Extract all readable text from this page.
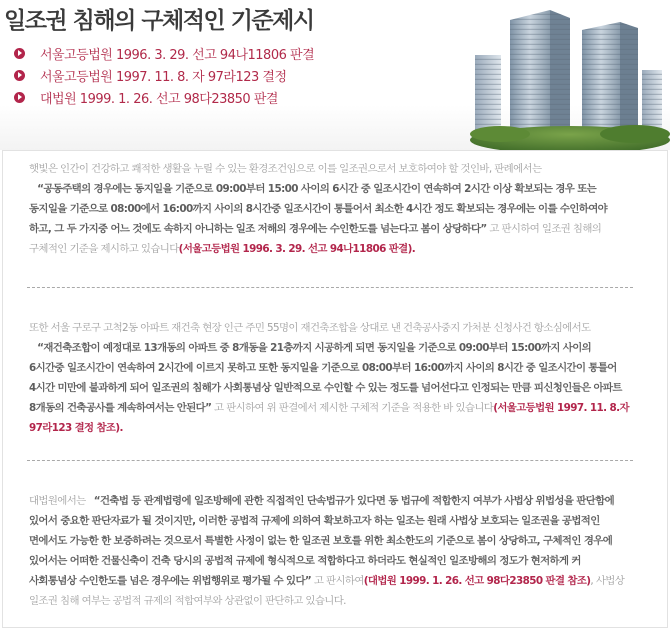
일조권 침해의 구체적인 기준제시
서울고등법원 1996. 3. 29. 선고 94나11806 판결
서울고등법원 1997. 11. 8. 자 97라123 결정
대법원 1999. 1. 26. 선고 98다23850 판결

햇빛은 인간이 건강하고 쾌적한 생활을 누릴 수 있는 환경조건임으로 이를 일조권으로서 보호하여야 할 것인바, 판례에서는
“공동주택의 경우에는 동지일을 기준으로 09:00부터 15:00 사이의 6시간 중 일조시간이 연속하여 2시간 이상 확보되는 경우 또는 동지일을 기준으로 08:00에서 16:00까지 사이의 8시간중 일조시간이 통틀어서 최소한 4시간 정도 확보되는 경우에는 이를 수인하여야 하고, 그 두 가지중 어느 것에도 속하지 아니하는 일조 저해의 경우에는 수인한도를 넘는다고 봄이 상당하다” 고 판시하여 일조권 침해의 구체적인 기준을 제시하고 있습니다(서울고등법원 1996. 3. 29. 선고 94나11806 판결).

또한 서울 구로구 고척2동 아파트 재건축 현장 인근 주민 55명이 재건축조합을 상대로 낸 건축공사중지 가처분 신청사건 항소심에서도
“재건축조합이 예정대로 13개동의 아파트 중 8개동을 21층까지 시공하게 되면 동지일을 기준으로 09:00부터 15:00까지 사이의 6시간중 일조시간이 연속하여 2시간에 이르지 못하고 또한 동지일을 기준으로 08:00부터 16:00까지 사이의 8시간 중 일조시간이 통틀어 4시간 미만에 불과하게 되어 일조권의 침해가 사회통념상 일반적으로 수인할 수 있는 정도를 넘어선다고 인정되는 만큼 피신청인들은 아파트 8개동의 건축공사를 계속하여서는 안된다” 고 판시하여 위 판결에서 제시한 구체적 기준을 적용한 바 있습니다(서울고등법원 1997. 11. 8.자 97라123 결정 참조).

대법원에서는 “건축법 등 관계법령에 일조방해에 관한 직접적인 단속법규가 있다면 동 법규에 적합한지 여부가 사법상 위법성을 판단함에 있어서 중요한 판단자료가 될 것이지만, 이러한 공법적 규제에 의하여 확보하고자 하는 일조는 원래 사법상 보호되는 일조권을 공법적인 면에서도 가능한 한 보증하려는 것으로서 특별한 사정이 없는 한 일조권 보호를 위한 최소한도의 기준으로 봄이 상당하고, 구체적인 경우에 있어서는 어떠한 건물신축이 건축 당시의 공법적 규제에 형식적으로 적합하다고 하더라도 현실적인 일조방해의 정도가 현저하게 커 사회통념상 수인한도를 넘은 경우에는 위법행위로 평가될 수 있다” 고 판시하여(대법원 1999. 1. 26. 선고 98다23850 판결 참조), 사법상 일조권 침해 여부는 공법적 규제의 적합여부와 상관없이 판단하고 있습니다.
